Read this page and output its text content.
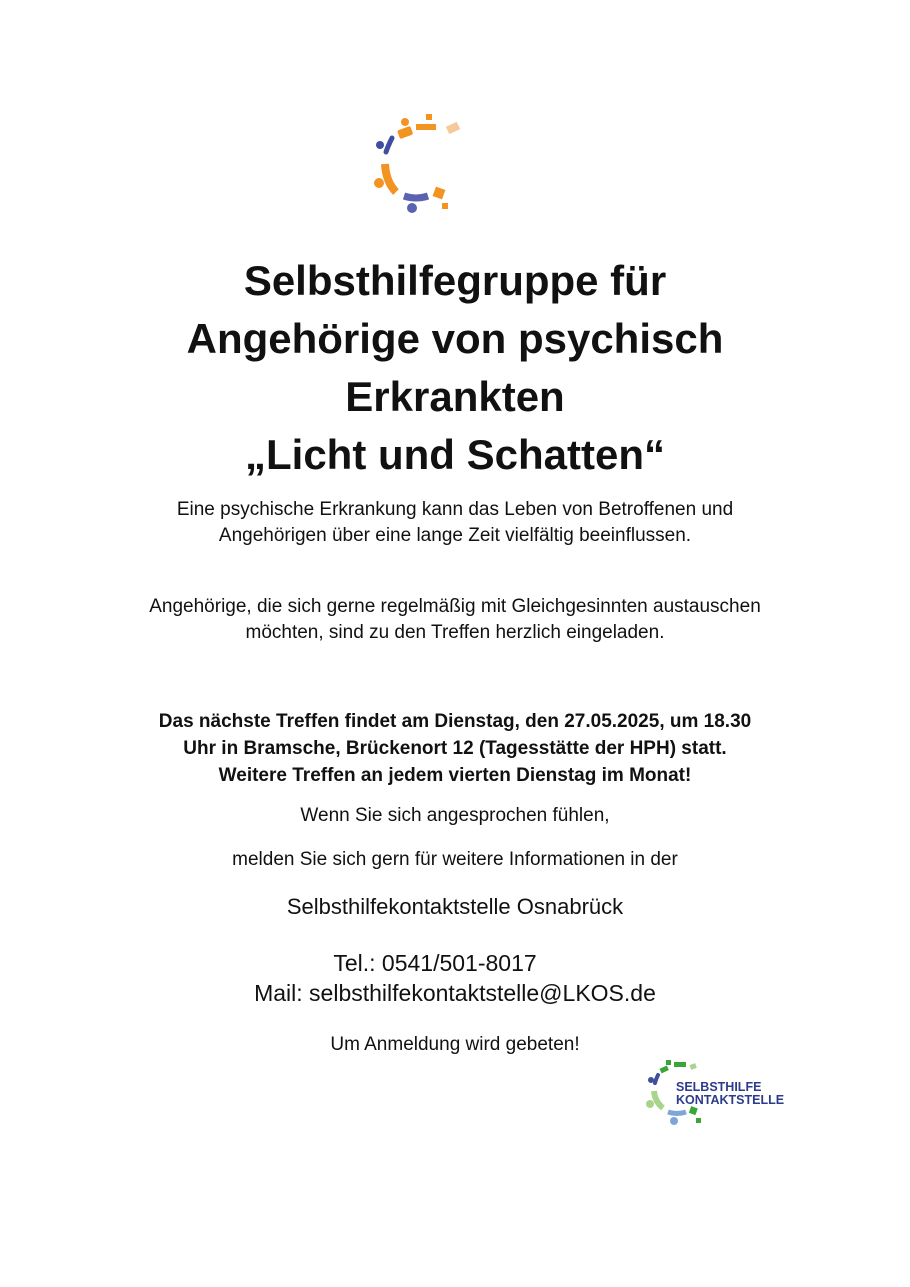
Selbsthilfegruppe für
Angehörige von psychisch
Erkrankten
„Licht und Schatten“
Eine psychische Erkrankung kann das Leben von Betroffenen und
Angehörigen über eine lange Zeit vielfältig beeinflussen.
Angehörige, die sich gerne regelmäßig mit Gleichgesinnten austauschen
möchten, sind zu den Treffen herzlich eingeladen.
Das nächste Treffen findet am Dienstag, den 27.05.2025, um 18.30
Uhr in Bramsche, Brückenort 12 (Tagesstätte der HPH) statt.
Weitere Treffen an jedem vierten Dienstag im Monat!
Wenn Sie sich angesprochen fühlen,
melden Sie sich gern für weitere Informationen in der
Selbsthilfekontaktstelle Osnabrück
Tel.: 0541/501-8017
Mail: selbsthilfekontaktstelle@LKOS.de
Um Anmeldung wird gebeten!
SELBSTHILFE
KONTAKTSTELLE
